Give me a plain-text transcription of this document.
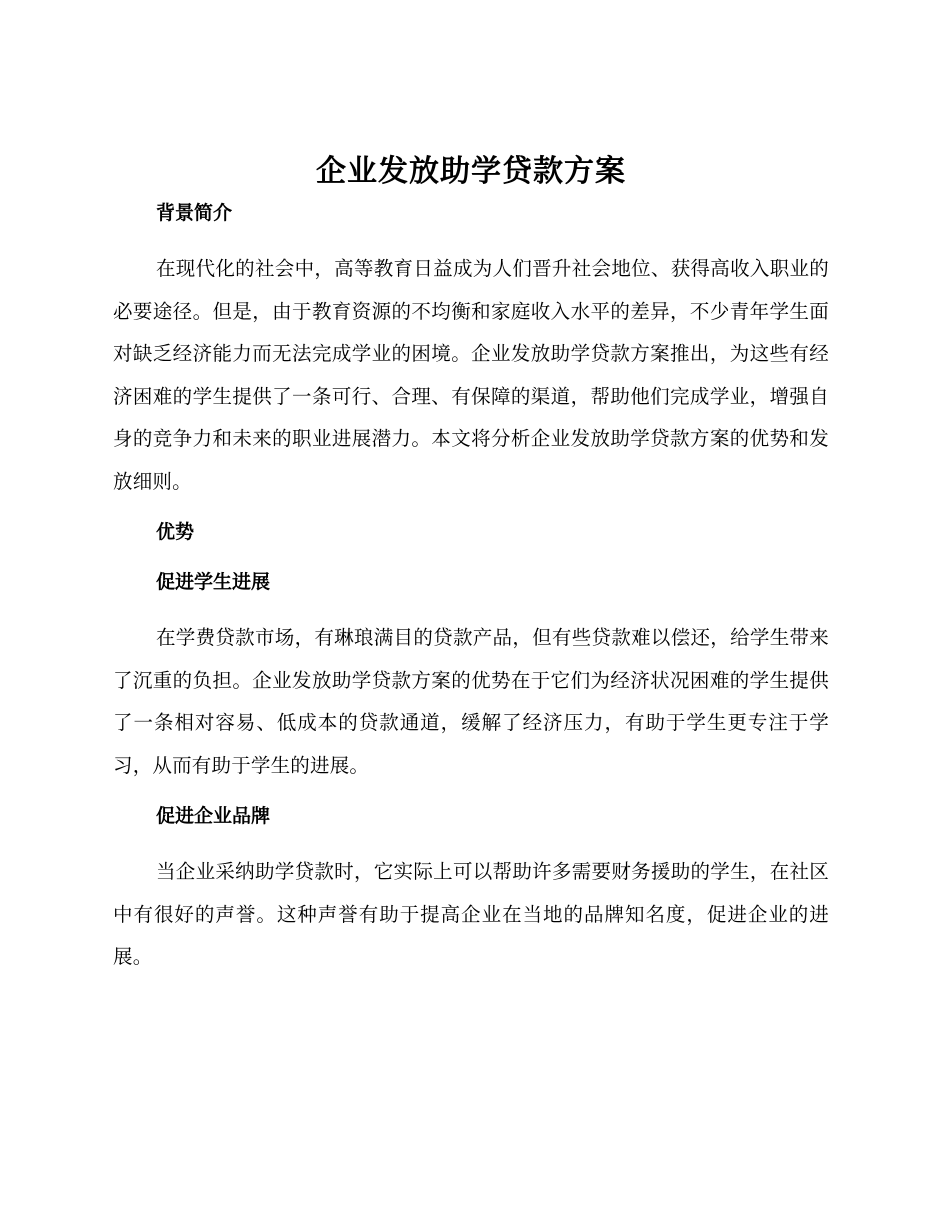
企业发放助学贷款方案
背景简介

在现代化的社会中，高等教育日益成为人们晋升社会地位、获得高收入职业的必要途径。但是，由于教育资源的不均衡和家庭收入水平的差异，不少青年学生面对缺乏经济能力而无法完成学业的困境。企业发放助学贷款方案推出，为这些有经济困难的学生提供了一条可行、合理、有保障的渠道，帮助他们完成学业，增强自身的竞争力和未来的职业进展潜力。本文将分析企业发放助学贷款方案的优势和发放细则。

优势
促进学生进展

在学费贷款市场，有琳琅满目的贷款产品，但有些贷款难以偿还，给学生带来了沉重的负担。企业发放助学贷款方案的优势在于它们为经济状况困难的学生提供了一条相对容易、低成本的贷款通道，缓解了经济压力，有助于学生更专注于学习，从而有助于学生的进展。

促进企业品牌

当企业采纳助学贷款时，它实际上可以帮助许多需要财务援助的学生，在社区中有很好的声誉。这种声誉有助于提高企业在当地的品牌知名度，促进企业的进展。
